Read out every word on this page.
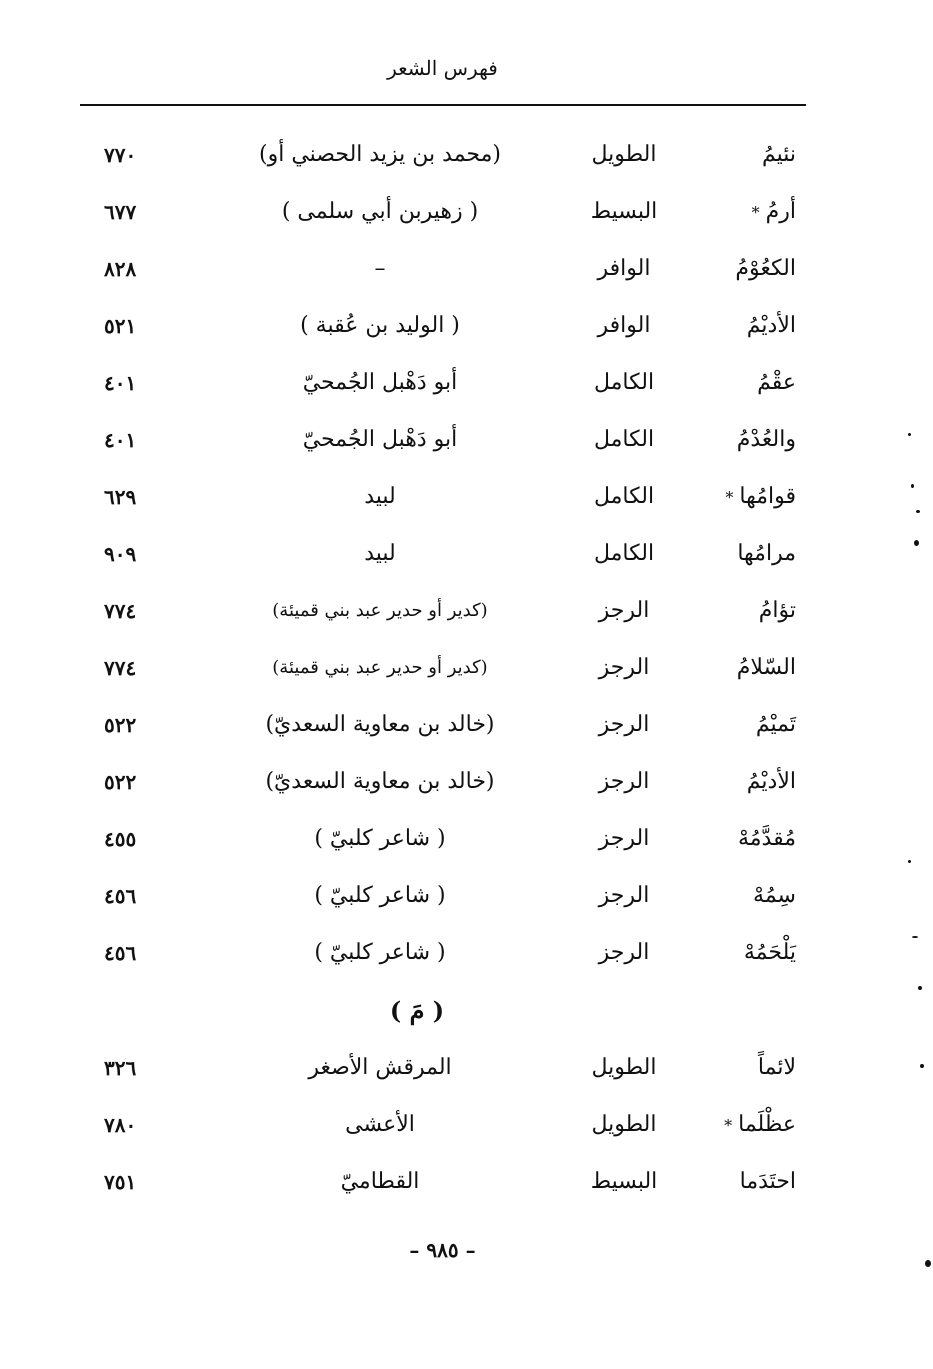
فهرس الشعر
نئيمُ
الطويل
(محمد بن يزيد الحصني أو)
٧٧٠
أرمُ*
البسيط
( زهيربن أبي سلمى )
٦٧٧
الكعُوْمُ
الوافر
–
٨٢٨
الأديْمُ
الوافر
( الوليد بن عُقبة )
٥٢١
عقْمُ
الكامل
أبو دَهْبل الجُمحيّ
٤٠١
والعُدْمُ
الكامل
أبو دَهْبل الجُمحيّ
٤٠١
قوامُها*
الكامل
لبيد
٦٢٩
مرامُها
الكامل
لبيد
٩٠٩
تؤامُ
الرجز
(كدير أو حدير عبد بني قميئة)
٧٧٤
السّلامُ
الرجز
(كدير أو حدير عبد بني قميئة)
٧٧٤
تَميْمُ
الرجز
(خالد بن معاوية السعديّ)
٥٢٢
الأديْمُ
الرجز
(خالد بن معاوية السعديّ)
٥٢٢
مُقدَّمُهْ
الرجز
( شاعر كلبيّ )
٤٥٥
سِمُهْ
الرجز
( شاعر كلبيّ )
٤٥٦
يَلْحَمُهْ
الرجز
( شاعر كلبيّ )
٤٥٦
( مَ )
لائماً
الطويل
المرقش الأصغر
٣٢٦
عظْلَما*
الطويل
الأعشى
٧٨٠
احتَدَما
البسيط
القطاميّ
٧٥١
– ٩٨٥ –
